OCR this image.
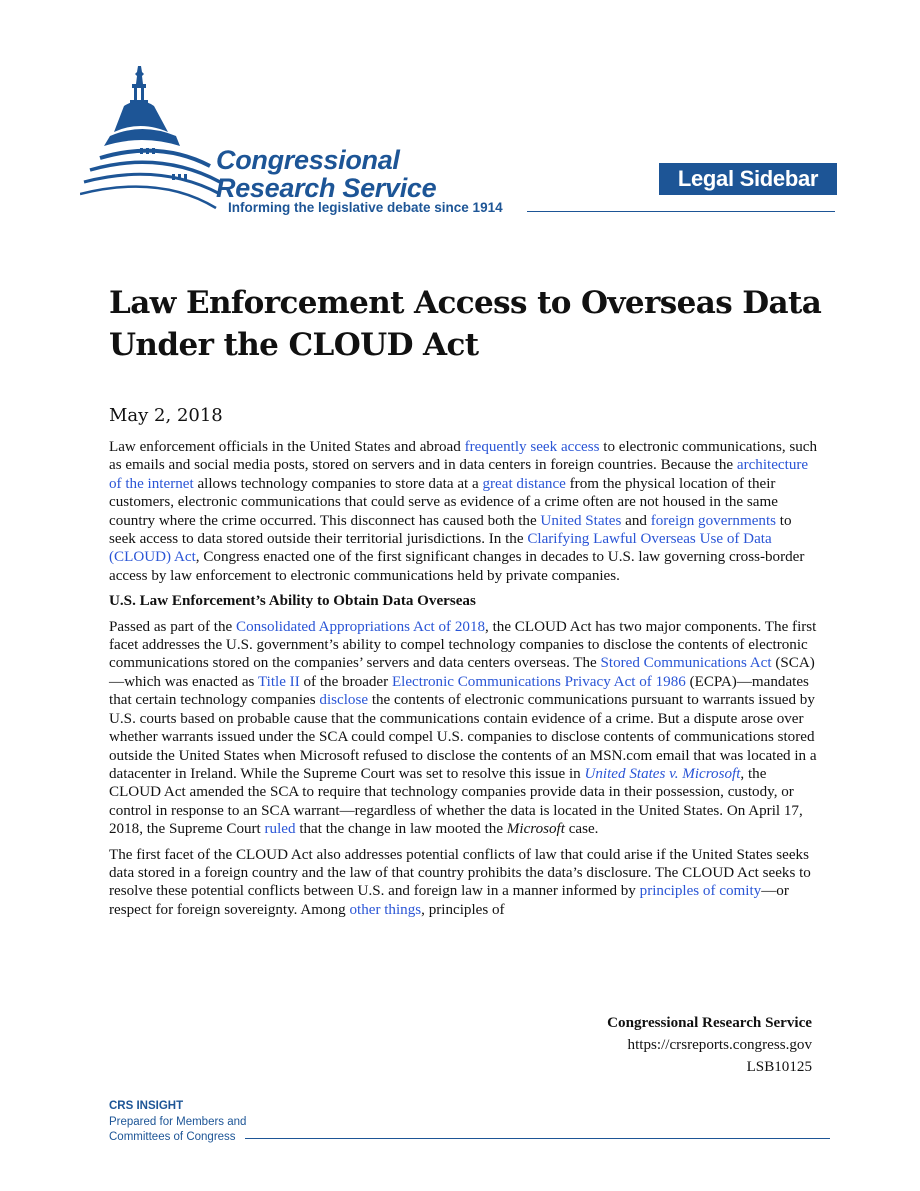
Congressional
Research Service
Informing the legislative debate since 1914
Legal Sidebar
Law Enforcement Access to Overseas Data
Under the CLOUD Act
May 2, 2018

Law enforcement officials in the United States and abroad frequently seek access to electronic communications, such as emails and social media posts, stored on servers and in data centers in foreign countries. Because the architecture of the internet allows technology companies to store data at a great distance from the physical location of their customers, electronic communications that could serve as evidence of a crime often are not housed in the same country where the crime occurred. This disconnect has caused both the United States and foreign governments to seek access to data stored outside their territorial jurisdictions. In the Clarifying Lawful Overseas Use of Data (CLOUD) Act, Congress enacted one of the first significant changes in decades to U.S. law governing cross-border access by law enforcement to electronic communications held by private companies.

U.S. Law Enforcement’s Ability to Obtain Data Overseas

Passed as part of the Consolidated Appropriations Act of 2018, the CLOUD Act has two major components. The first facet addresses the U.S. government’s ability to compel technology companies to disclose the contents of electronic communications stored on the companies’ servers and data centers overseas. The Stored Communications Act (SCA)—which was enacted as Title II of the broader Electronic Communications Privacy Act of 1986 (ECPA)—mandates that certain technology companies disclose the contents of electronic communications pursuant to warrants issued by U.S. courts based on probable cause that the communications contain evidence of a crime. But a dispute arose over whether warrants issued under the SCA could compel U.S. companies to disclose contents of communications stored outside the United States when Microsoft refused to disclose the contents of an MSN.com email that was located in a datacenter in Ireland. While the Supreme Court was set to resolve this issue in United States v. Microsoft, the CLOUD Act amended the SCA to require that technology companies provide data in their possession, custody, or control in response to an SCA warrant—regardless of whether the data is located in the United States. On April 17, 2018, the Supreme Court ruled that the change in law mooted the Microsoft case.

The first facet of the CLOUD Act also addresses potential conflicts of law that could arise if the United States seeks data stored in a foreign country and the law of that country prohibits the data’s disclosure. The CLOUD Act seeks to resolve these potential conflicts between U.S. and foreign law in a manner informed by principles of comity—or respect for foreign sovereignty. Among other things, principles of

Congressional Research Service
https://crsreports.congress.gov
LSB10125
CRS INSIGHT
Prepared for Members and
Committees of Congress
